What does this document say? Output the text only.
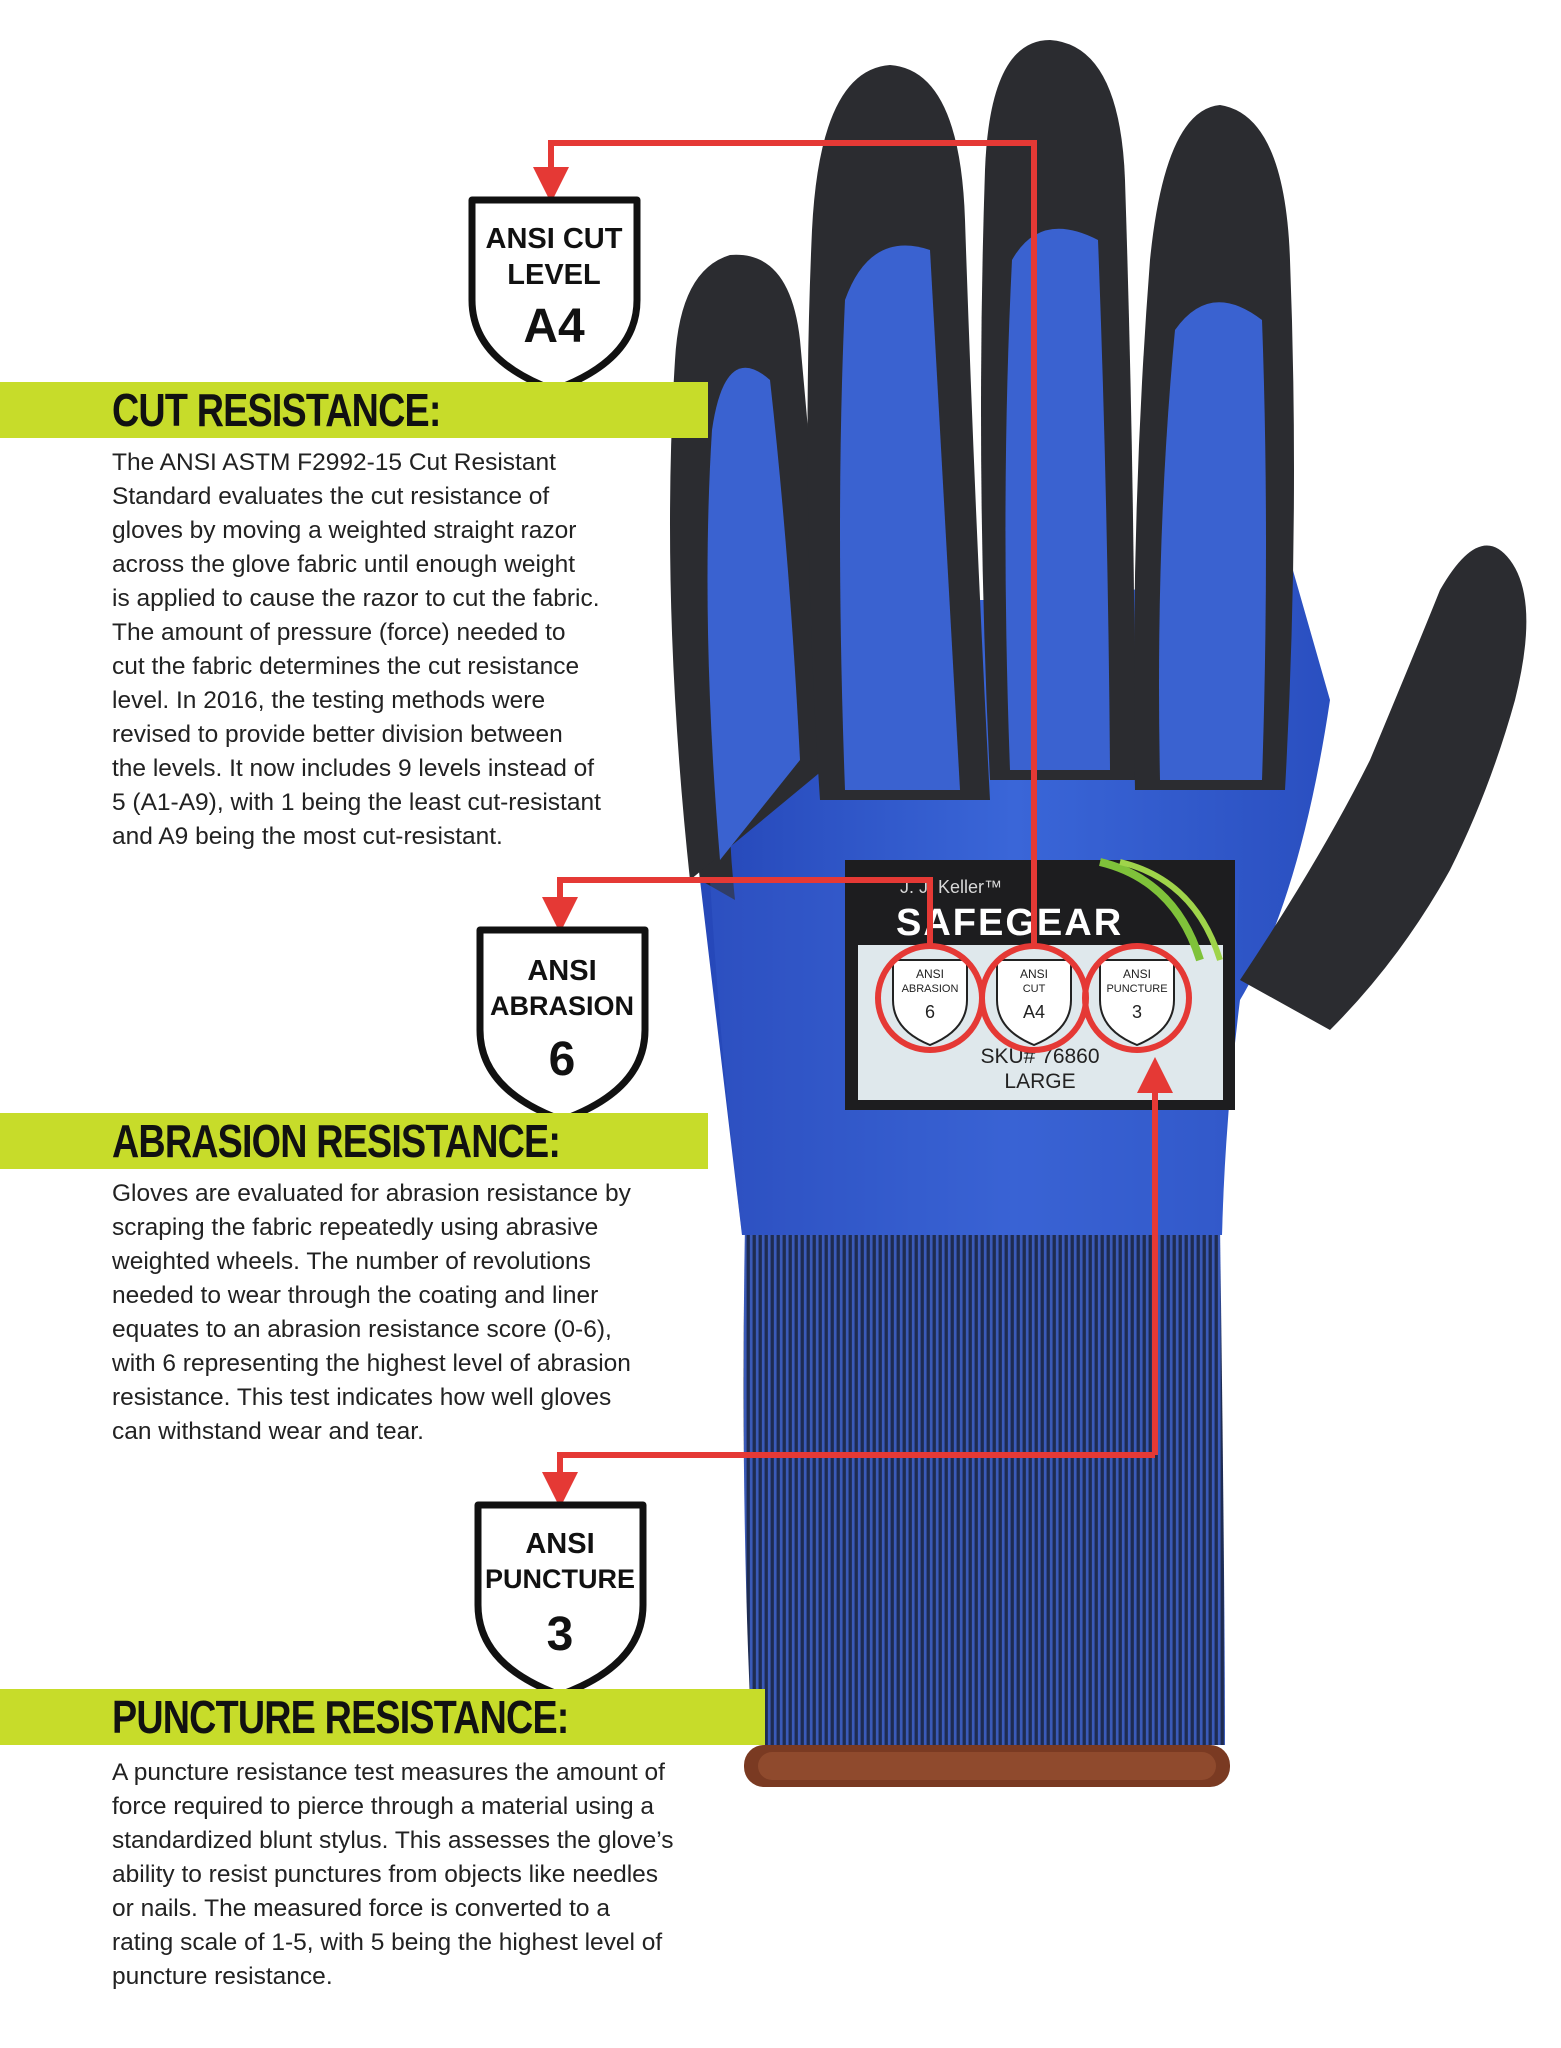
J. J. Keller™
SAFEGEAR
ANSI
ABRASION
6
ANSI
CUT
A4
ANSI
PUNCTURE
3
SKU# 76860
LARGE
ANSI CUT
LEVEL
A4
ANSI
ABRASION
6
ANSI
PUNCTURE
3
CUT RESISTANCE:
The ANSI ASTM F2992-15 Cut Resistant
Standard evaluates the cut resistance of
gloves by moving a weighted straight razor
across the glove fabric until enough weight
is applied to cause the razor to cut the fabric.
The amount of pressure (force) needed to
cut the fabric determines the cut resistance
level. In 2016, the testing methods were
revised to provide better division between
the levels. It now includes 9 levels instead of
5 (A1-A9), with 1 being the least cut-resistant
and A9 being the most cut-resistant.
ABRASION RESISTANCE:
Gloves are evaluated for abrasion resistance by
scraping the fabric repeatedly using abrasive
weighted wheels. The number of revolutions
needed to wear through the coating and liner
equates to an abrasion resistance score (0-6),
with 6 representing the highest level of abrasion
resistance. This test indicates how well gloves
can withstand wear and tear.
PUNCTURE RESISTANCE:
A puncture resistance test measures the amount of
force required to pierce through a material using a
standardized blunt stylus. This assesses the glove’s
ability to resist punctures from objects like needles
or nails. The measured force is converted to a
rating scale of 1-5, with 5 being the highest level of
puncture resistance.
